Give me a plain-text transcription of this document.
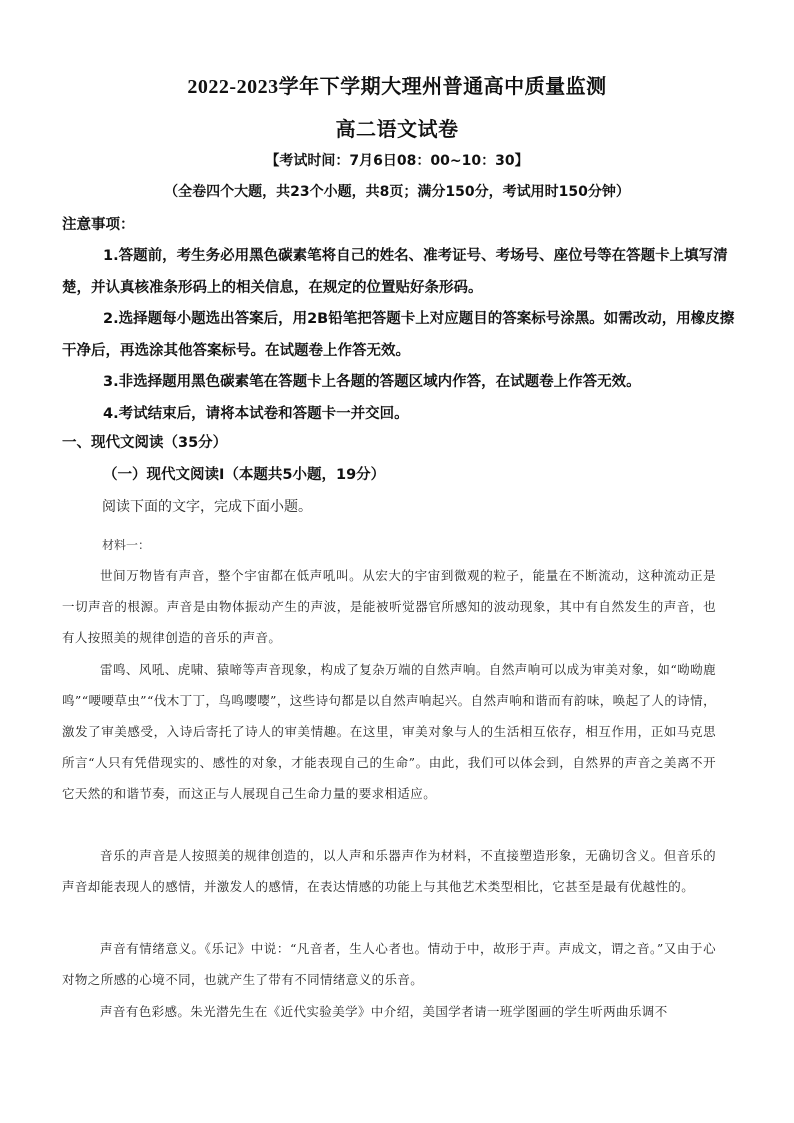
2022-2023学年下学期大理州普通高中质量监测
高二语文试卷
【考试时间：7月6日08：00~10：30】
（全卷四个大题，共23个小题，共8页；满分150分，考试用时150分钟）
注意事项：
1.答题前，考生务必用黑色碳素笔将自己的姓名、准考证号、考场号、座位号等在答题卡上填写清楚，并认真核准条形码上的相关信息，在规定的位置贴好条形码。
2.选择题每小题选出答案后，用2B铅笔把答题卡上对应题目的答案标号涂黑。如需改动，用橡皮擦干净后，再选涂其他答案标号。在试题卷上作答无效。
3.非选择题用黑色碳素笔在答题卡上各题的答题区域内作答，在试题卷上作答无效。
4.考试结束后，请将本试卷和答题卡一并交回。
一、现代文阅读（35分）
（一）现代文阅读Ⅰ（本题共5小题，19分）
阅读下面的文字，完成下面小题。
材料一：
世间万物皆有声音，整个宇宙都在低声吼叫。从宏大的宇宙到微观的粒子，能量在不断流动，这种流动正是一切声音的根源。声音是由物体振动产生的声波，是能被听觉器官所感知的波动现象，其中有自然发生的声音，也有人按照美的规律创造的音乐的声音。
雷鸣、风吼、虎啸、猿啼等声音现象，构成了复杂万端的自然声响。自然声响可以成为审美对象，如“呦呦鹿鸣”“喓喓草虫”“伐木丁丁，鸟鸣嘤嘤”，这些诗句都是以自然声响起兴。自然声响和谐而有韵味，唤起了人的诗情，激发了审美感受，入诗后寄托了诗人的审美情趣。在这里，审美对象与人的生活相互依存，相互作用，正如马克思所言“人只有凭借现实的、感性的对象，才能表现自己的生命”。由此，我们可以体会到，自然界的声音之美离不开它天然的和谐节奏，而这正与人展现自己生命力量的要求相适应。
音乐的声音是人按照美的规律创造的，以人声和乐器声作为材料，不直接塑造形象，无确切含义。但音乐的声音却能表现人的感情，并激发人的感情，在表达情感的功能上与其他艺术类型相比，它甚至是最有优越性的。
声音有情绪意义。《乐记》中说：“凡音者，生人心者也。情动于中，故形于声。声成文，谓之音。”又由于心对物之所感的心境不同，也就产生了带有不同情绪意义的乐音。
声音有色彩感。朱光潜先生在《近代实验美学》中介绍，美国学者请一班学图画的学生听两曲乐调不
